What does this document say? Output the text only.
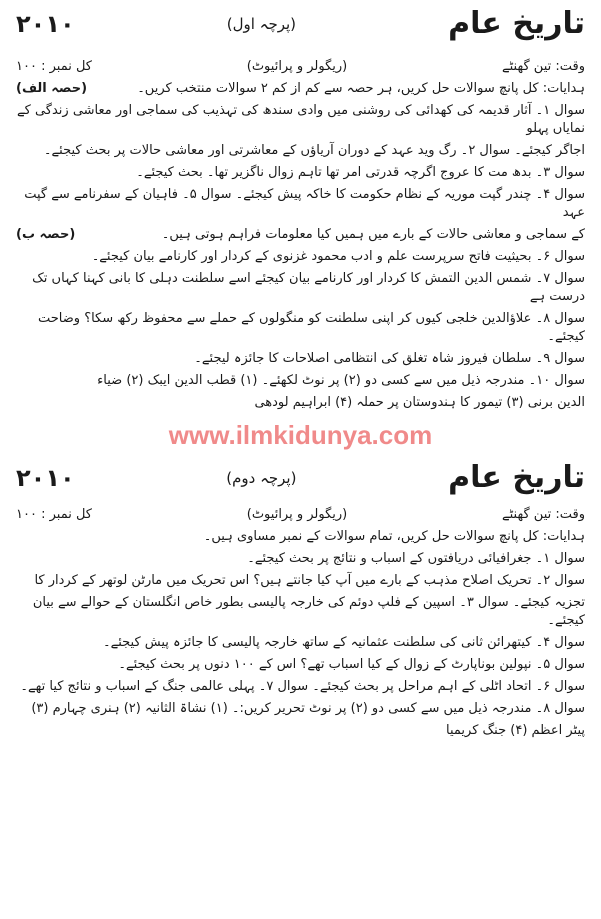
تاریخ عام
(پرچہ اول)
۲۰۱۰
وقت: تین گھنٹے
(ریگولر و پرائیوٹ)
کل نمبر : ۱۰۰
ہدایات: کل پانچ سوالات حل کریں، ہر حصہ سے کم از کم ۲ سوالات منتخب کریں۔
(حصہ الف)
سوال ۱۔ آثار قدیمہ کی کھدائی کی روشنی میں وادی سندھ کی تہذیب کی سماجی اور معاشی زندگی کے نمایاں پہلو
اجاگر کیجئے۔ سوال ۲۔ رگ وید عہد کے دوران آریاؤں کے معاشرتی اور معاشی حالات پر بحث کیجئے۔
سوال ۳۔ بدھ مت کا عروج اگرچہ قدرتی امر تھا تاہم زوال ناگزیر تھا۔ بحث کیجئے۔
سوال ۴۔ چندر گپت موریہ کے نظام حکومت کا خاکہ پیش کیجئے۔ سوال ۵۔ فاہیان کے سفرنامے سے گپت عہد
کے سماجی و معاشی حالات کے بارے میں ہمیں کیا معلومات فراہم ہوتی ہیں۔
(حصہ ب)
سوال ۶۔ بحیثیت فاتح سرپرست علم و ادب محمود غزنوی کے کردار اور کارنامے بیان کیجئے۔
سوال ۷۔ شمس الدین التمش کا کردار اور کارنامے بیان کیجئے اسے سلطنت دہلی کا بانی کہنا کہاں تک درست ہے
سوال ۸۔ علاؤالدین خلجی کیوں کر اپنی سلطنت کو منگولوں کے حملے سے محفوظ رکھ سکا؟ وضاحت کیجئے۔
سوال ۹۔ سلطان فیروز شاہ تغلق کی انتظامی اصلاحات کا جائزہ لیجئے۔
سوال ۱۰۔ مندرجہ ذیل میں سے کسی دو (۲) پر نوٹ لکھئے۔ (۱) قطب الدین ایبک (۲) ضیاء
الدین برنی (۳) تیمور کا ہندوستان پر حملہ (۴) ابراہیم لودھی
www.ilmkidunya.com
تاریخ عام
(پرچہ دوم)
۲۰۱۰
وقت: تین گھنٹے
(ریگولر و پرائیوٹ)
کل نمبر : ۱۰۰
ہدایات: کل پانچ سوالات حل کریں، تمام سوالات کے نمبر مساوی ہیں۔
سوال ۱۔ جغرافیائی دریافتوں کے اسباب و نتائج پر بحث کیجئے۔
سوال ۲۔ تحریک اصلاح مذہب کے بارے میں آپ کیا جانتے ہیں؟ اس تحریک میں مارٹن لوتھر کے کردار کا
تجزیہ کیجئے۔ سوال ۳۔ اسپین کے فلپ دوئم کی خارجہ پالیسی بطور خاص انگلستان کے حوالے سے بیان کیجئے۔
سوال ۴۔ کیتھرائن ثانی کی سلطنت عثمانیہ کے ساتھ خارجہ پالیسی کا جائزہ پیش کیجئے۔
سوال ۵۔ نپولین بوناپارٹ کے زوال کے کیا اسباب تھے؟ اس کے ۱۰۰ دنوں پر بحث کیجئے۔
سوال ۶۔ اتحاد اٹلی کے اہم مراحل پر بحث کیجئے۔ سوال ۷۔ پہلی عالمی جنگ کے اسباب و نتائج کیا تھے۔
سوال ۸۔ مندرجہ ذیل میں سے کسی دو (۲) پر نوٹ تحریر کریں:۔ (۱) نشاۃ الثانیہ (۲) ہنری چہارم (۳)
پیٹر اعظم (۴) جنگ کریمیا
